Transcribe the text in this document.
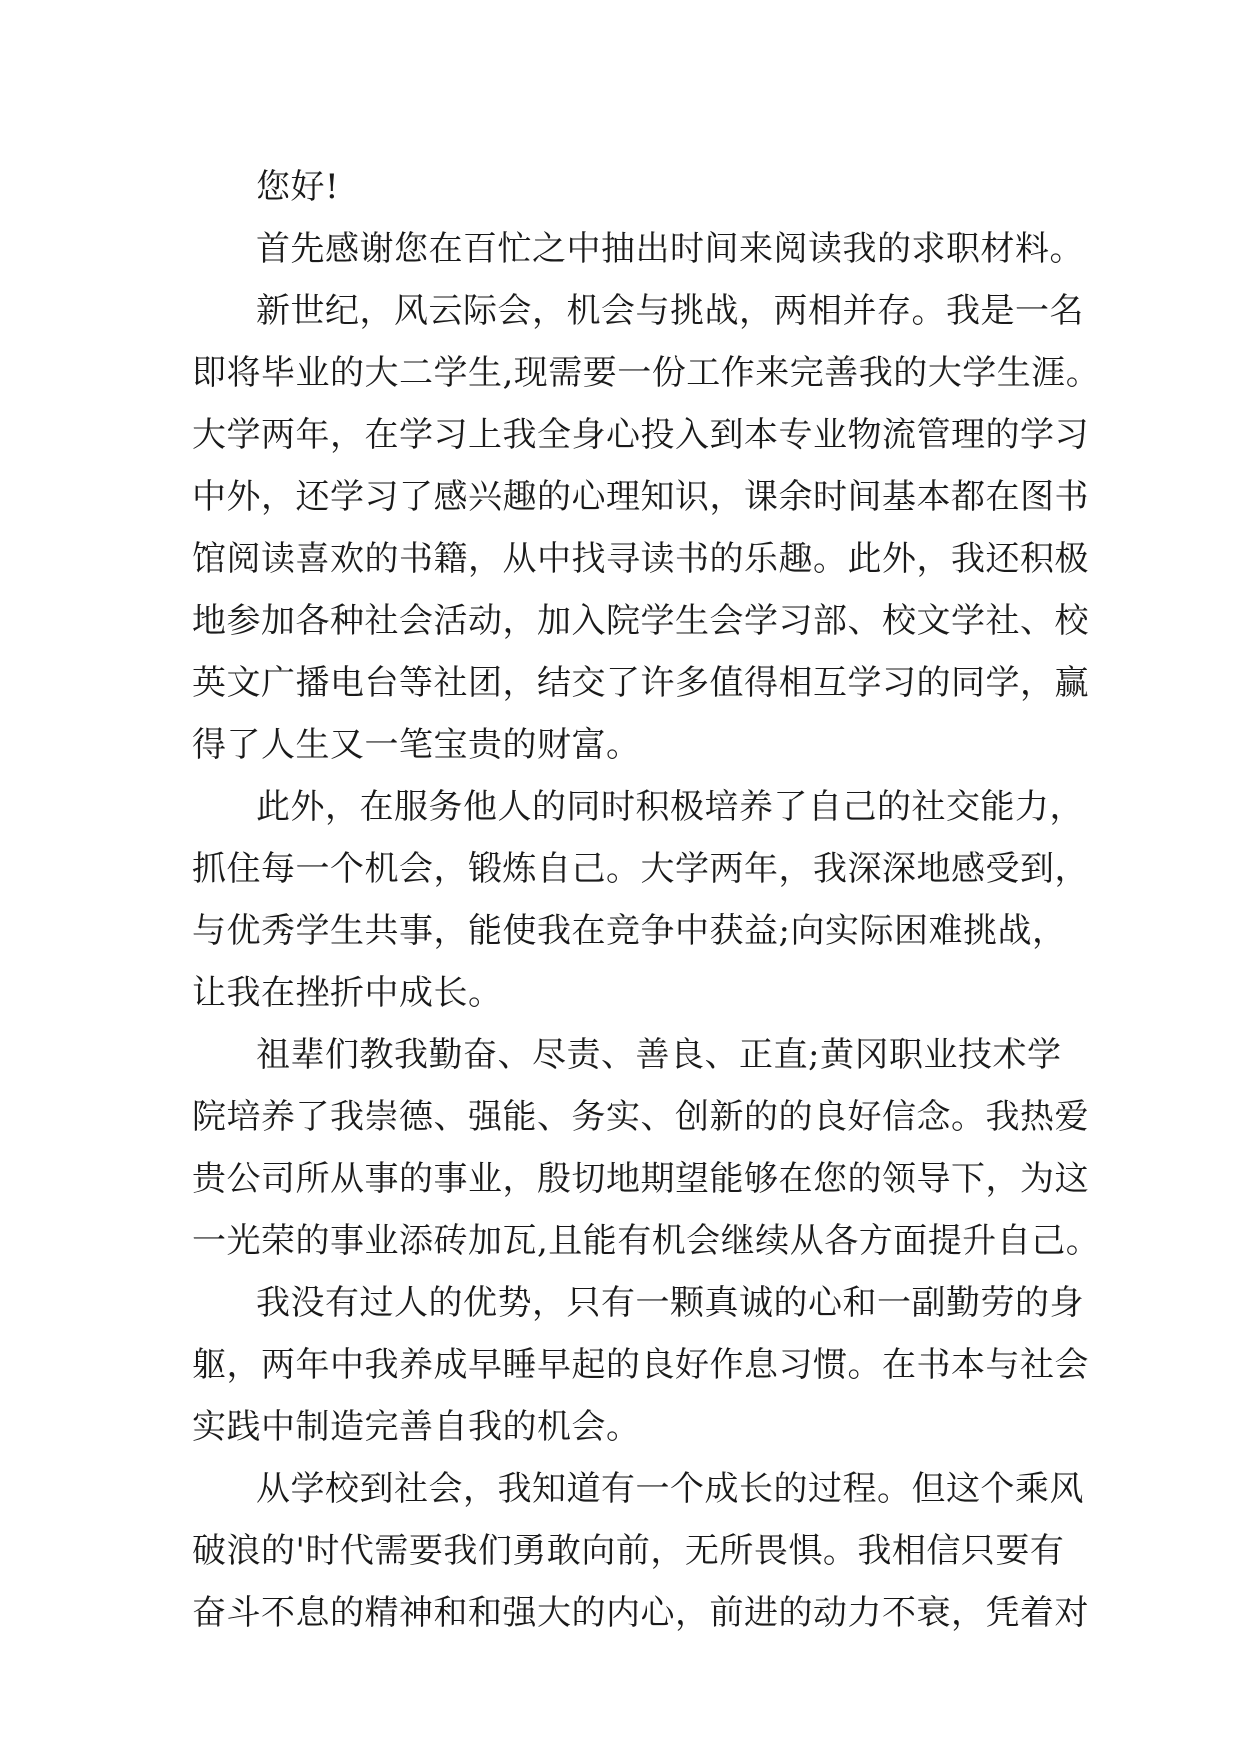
您好!
首先感谢您在百忙之中抽出时间来阅读我的求职材料。
新世纪，风云际会，机会与挑战，两相并存。我是一名
即将毕业的大二学生,现需要一份工作来完善我的大学生涯。
大学两年，在学习上我全身心投入到本专业物流管理的学习
中外，还学习了感兴趣的心理知识，课余时间基本都在图书
馆阅读喜欢的书籍，从中找寻读书的乐趣。此外，我还积极
地参加各种社会活动，加入院学生会学习部、校文学社、校
英文广播电台等社团，结交了许多值得相互学习的同学，赢
得了人生又一笔宝贵的财富。
此外，在服务他人的同时积极培养了自己的社交能力，
抓住每一个机会，锻炼自己。大学两年，我深深地感受到，
与优秀学生共事，能使我在竞争中获益;向实际困难挑战，
让我在挫折中成长。
祖辈们教我勤奋、尽责、善良、正直;黄冈职业技术学
院培养了我崇德、强能、务实、创新的的良好信念。我热爱
贵公司所从事的事业，殷切地期望能够在您的领导下，为这
一光荣的事业添砖加瓦,且能有机会继续从各方面提升自己。
我没有过人的优势，只有一颗真诚的心和一副勤劳的身
躯，两年中我养成早睡早起的良好作息习惯。在书本与社会
实践中制造完善自我的机会。
从学校到社会，我知道有一个成长的过程。但这个乘风
破浪的'时代需要我们勇敢向前，无所畏惧。我相信只要有
奋斗不息的精神和和强大的内心，前进的动力不衰，凭着对
